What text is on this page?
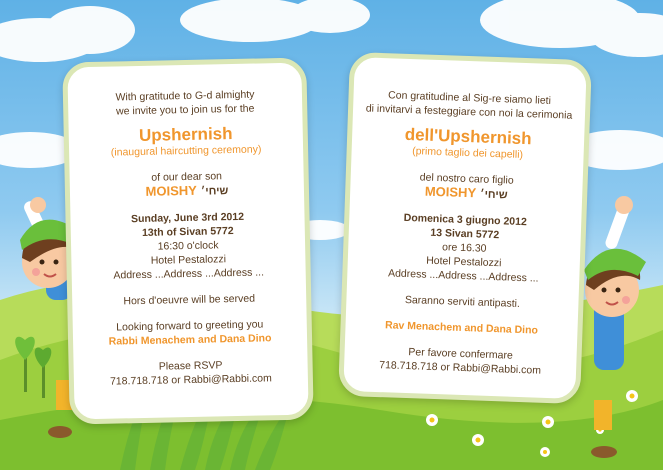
With gratitude to G-d almighty
we invite you to join us for the
Upshernish
(inaugural haircutting ceremony)
of our dear son
MOISHY שיחי׳
Sunday, June 3rd 2012
13th of Sivan 5772
16:30 o'clock
Hotel Pestalozzi
Address ...Address ...Address ...
Hors d'oeuvre will be served
Looking forward to greeting you
Rabbi Menachem and Dana Dino
Please RSVP
718.718.718 or Rabbi@Rabbi.com
Con gratitudine al Sig-re siamo lieti
di invitarvi a festeggiare con noi la cerimonia
dell'Upshernish
(primo taglio dei capelli)
del nostro caro figlio
MOISHY שיחי׳
Domenica 3 giugno 2012
13 Sivan 5772
ore 16.30
Hotel Pestalozzi
Address ...Address ...Address ...
Saranno serviti antipasti.
Rav Menachem and Dana Dino
Per favore confermare
718.718.718 or Rabbi@Rabbi.com
